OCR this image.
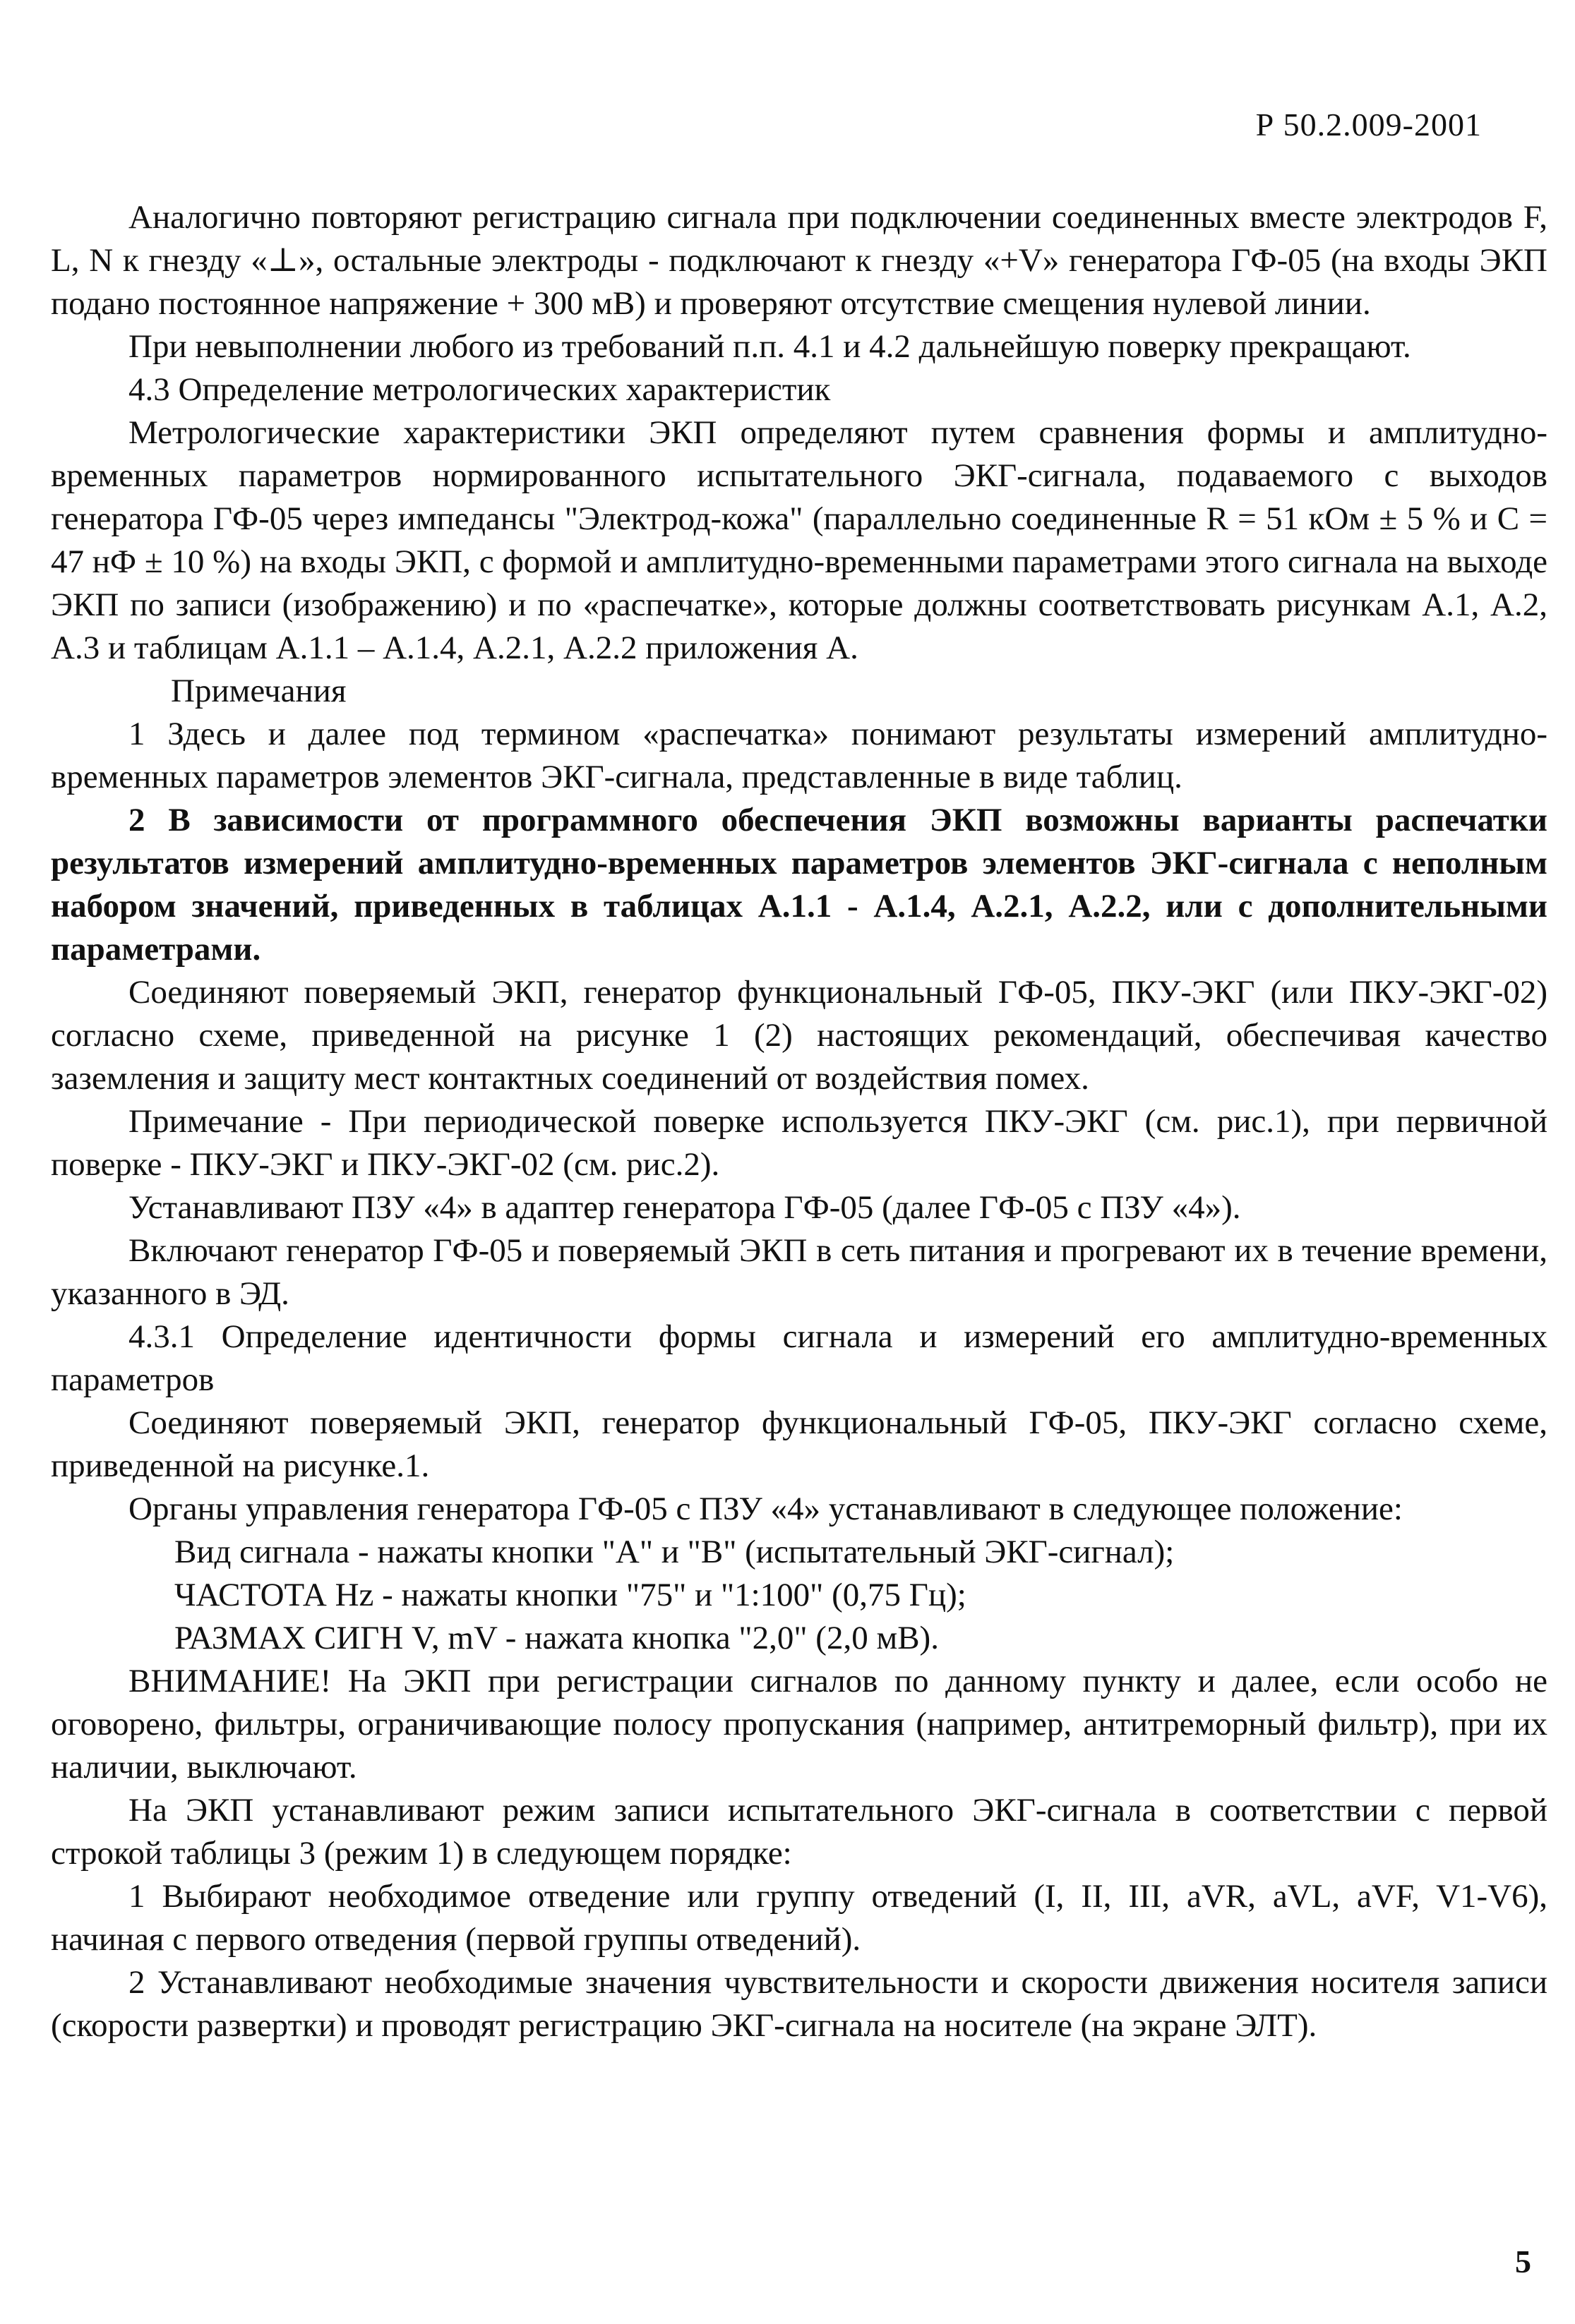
Р 50.2.009-2001

Аналогично повторяют регистрацию сигнала при подключении соединенных вместе электродов F, L, N к гнезду «⊥», остальные электроды - подключают к гнезду «+V» генератора ГФ-05 (на входы ЭКП подано постоянное напряжение + 300 мВ) и проверяют отсутствие смещения нулевой линии.

При невыполнении любого из требований п.п. 4.1 и 4.2 дальнейшую поверку прекращают.

4.3 Определение метрологических характеристик

Метрологические характеристики ЭКП определяют путем сравнения формы и амплитудно-временных параметров нормированного испытательного ЭКГ-сигнала, подаваемого с выходов генератора ГФ-05 через импедансы "Электрод-кожа" (параллельно соединенные R = 51 кОм ± 5 % и С = 47 нФ ± 10 %) на входы ЭКП, с формой и амплитудно-временными параметрами этого сигнала на выходе ЭКП по записи (изображению) и по «распечатке», которые должны соответствовать рисункам А.1, А.2, А.3 и таблицам А.1.1 – А.1.4, А.2.1, А.2.2 приложения А.

Примечания

1 Здесь и далее под термином «распечатка» понимают результаты измерений амплитудно-временных параметров элементов ЭКГ-сигнала, представленные в виде таблиц.

2 В зависимости от программного обеспечения ЭКП возможны варианты распечатки результатов измерений амплитудно-временных параметров элементов ЭКГ-сигнала с неполным набором значений, приведенных в таблицах А.1.1 - А.1.4, А.2.1, А.2.2, или с дополнительными параметрами.

Соединяют поверяемый ЭКП, генератор функциональный ГФ-05, ПКУ-ЭКГ (или ПКУ-ЭКГ-02) согласно схеме, приведенной на рисунке 1 (2) настоящих рекомендаций, обеспечивая качество заземления и защиту мест контактных соединений от воздействия помех.

Примечание - При периодической поверке используется ПКУ-ЭКГ (см. рис.1), при первичной поверке - ПКУ-ЭКГ и ПКУ-ЭКГ-02 (см. рис.2).

Устанавливают ПЗУ «4» в адаптер генератора ГФ-05 (далее ГФ-05 с ПЗУ «4»).

Включают генератор ГФ-05 и поверяемый ЭКП в сеть питания и прогревают их в течение времени, указанного в ЭД.

4.3.1 Определение идентичности формы сигнала и измерений его амплитудно-временных параметров

Соединяют поверяемый ЭКП, генератор функциональный ГФ-05, ПКУ-ЭКГ согласно схеме, приведенной на рисунке.1.

Органы управления генератора ГФ-05 с ПЗУ «4» устанавливают в следующее положение:

Вид сигнала - нажаты кнопки "А" и "В" (испытательный ЭКГ-сигнал);

ЧАСТОТА Hz - нажаты кнопки "75" и "1:100" (0,75 Гц);

РАЗМАХ СИГН V, mV - нажата кнопка "2,0" (2,0 мВ).

ВНИМАНИЕ! На ЭКП при регистрации сигналов по данному пункту и далее, если особо не оговорено, фильтры, ограничивающие полосу пропускания (например, антитреморный фильтр), при их наличии, выключают.

На ЭКП устанавливают режим записи испытательного ЭКГ-сигнала в соответствии с первой строкой таблицы 3 (режим 1) в следующем порядке:

1 Выбирают необходимое отведение или группу отведений (I, II, III, aVR, aVL, aVF, V1-V6), начиная с первого отведения (первой группы отведений).

2 Устанавливают необходимые значения чувствительности и скорости движения носителя записи (скорости развертки) и проводят регистрацию ЭКГ-сигнала на носителе (на экране ЭЛТ).

5
